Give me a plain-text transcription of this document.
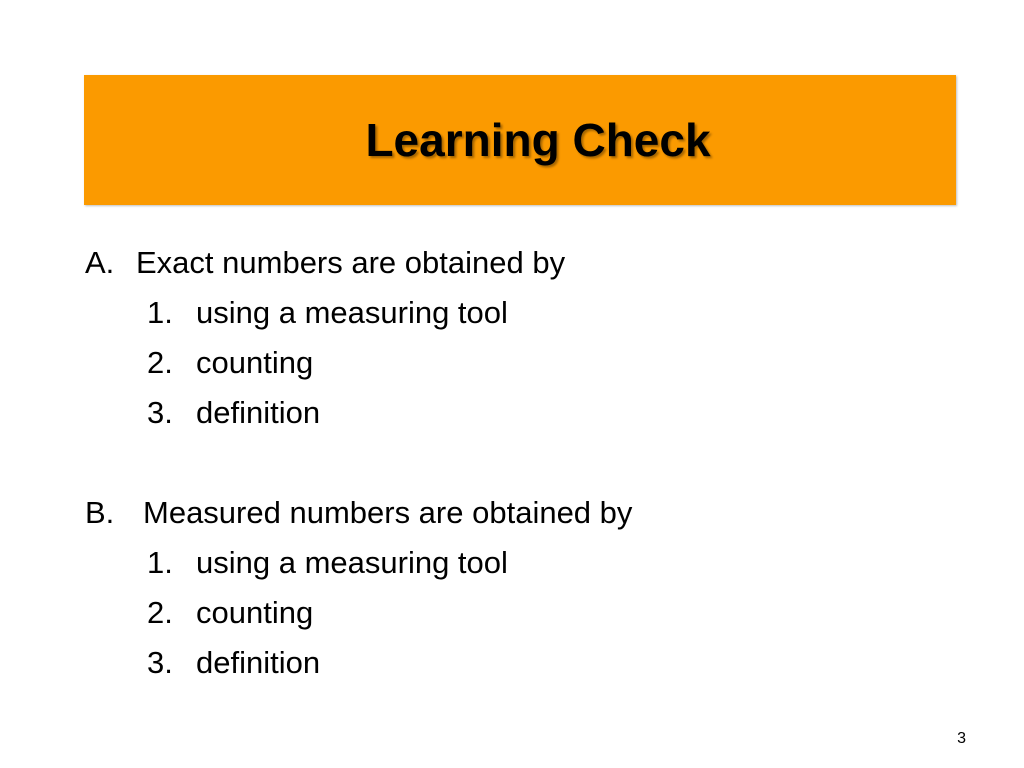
Learning Check
A. Exact numbers are obtained by
1. using a measuring tool
2. counting
3. definition
B. Measured numbers are obtained by
1. using a measuring tool
2. counting
3. definition
3
